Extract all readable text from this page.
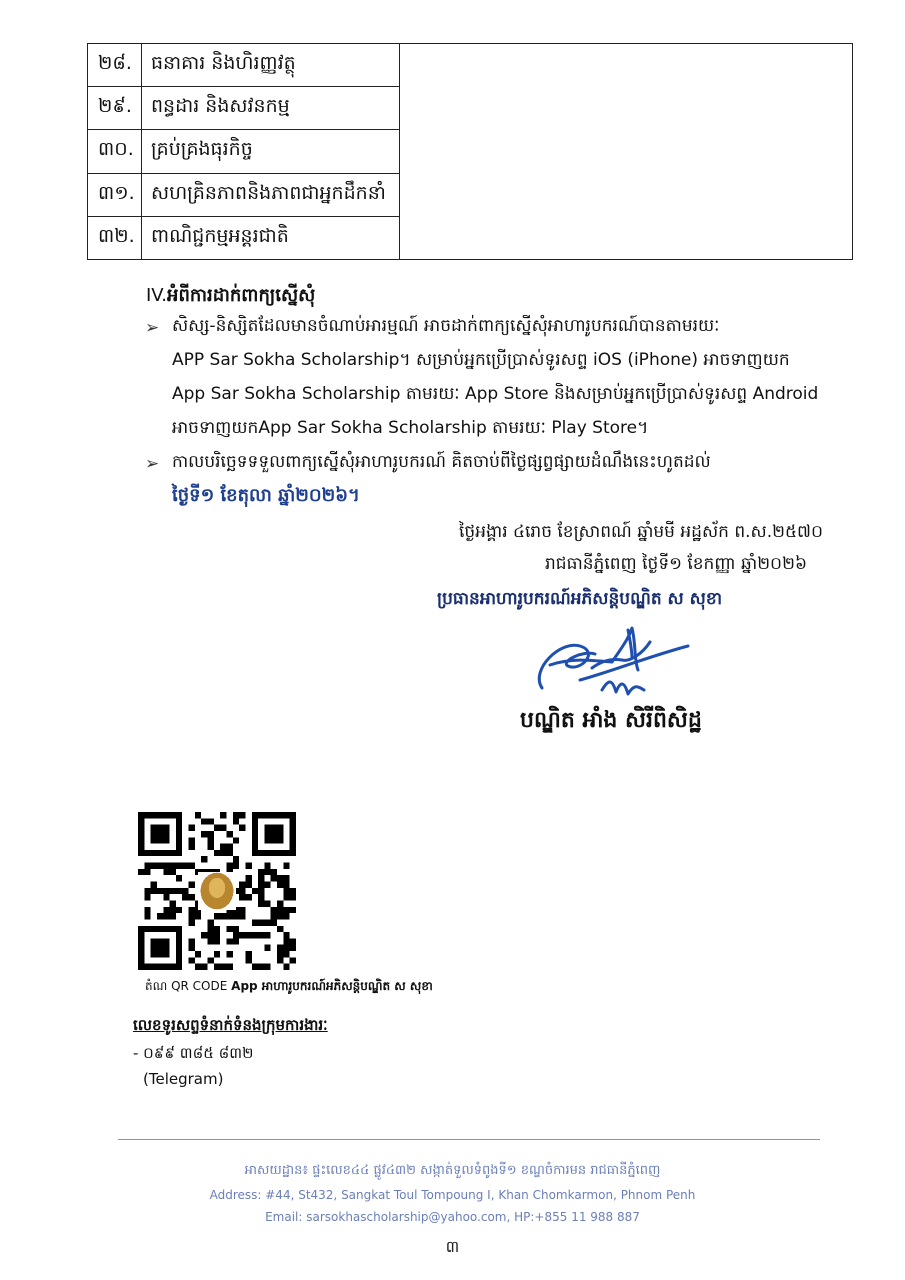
២៨.	ធនាគារ និងហិរញ្ញវត្ថុ	
២៩.	ពន្ធដារ និងសវនកម្ម	
៣០.	គ្រប់គ្រងធុរកិច្ច	
៣១.	សហគ្រិនភាពនិងភាពជាអ្នកដឹកនាំ	
៣២.	ពាណិជ្ជកម្មអន្តរជាតិ	
IV.អំពីការដាក់ពាក្យស្នើសុំ
➢ សិស្ស-និស្សិតដែលមានចំណាប់អារម្មណ៍ អាចដាក់ពាក្យស្នើសុំអាហារូបករណ៍បានតាមរយៈ
APP Sar Sokha Scholarship។ សម្រាប់អ្នកប្រើប្រាស់ទូរសព្ទ iOS (iPhone) អាចទាញយក
App Sar Sokha Scholarship តាមរយៈ App Store និងសម្រាប់អ្នកប្រើប្រាស់ទូរសព្ទ Android
អាចទាញយកApp Sar Sokha Scholarship តាមរយៈ Play Store។
➢ កាលបរិច្ឆេទទទួលពាក្យស្នើសុំអាហារូបករណ៍ គិតចាប់ពីថ្ងៃផ្សព្វផ្សាយដំណឹងនេះហូតដល់
ថ្ងៃទី១ ខែតុលា ឆ្នាំ២០២៦។
ថ្ងៃអង្គារ ៤រោច ខែស្រាពណ៍ ឆ្នាំមមី អដ្ឋស័ក ព.ស.២៥៧០
រាជធានីភ្នំពេញ ថ្ងៃទី១ ខែកញ្ញា ឆ្នាំ២០២៦
ប្រធានអាហារូបករណ៍អភិសន្តិបណ្ឌិត ស សុខា
បណ្ឌិត អាំង សិរីពិសិដ្ឋ
តំណ QR CODE App អាហារូបករណ៍អភិសន្តិបណ្ឌិត ស សុខា
លេខទូរសព្ទទំនាក់ទំនងក្រុមការងារៈ
- ០៩៩ ៣៨៥ ៨៣២
(Telegram)
អាសយដ្ឋាន៖ ផ្ទះលេខ៤៤ ផ្លូវ៤៣២ សង្កាត់ទួលទំពូងទី១ ខណ្ឌចំការមន រាជធានីភ្នំពេញ
Address: #44, St432, Sangkat Toul Tompoung I, Khan Chomkarmon, Phnom Penh
Email: sarsokhascholarship@yahoo.com, HP:+855 11 988 887
៣
